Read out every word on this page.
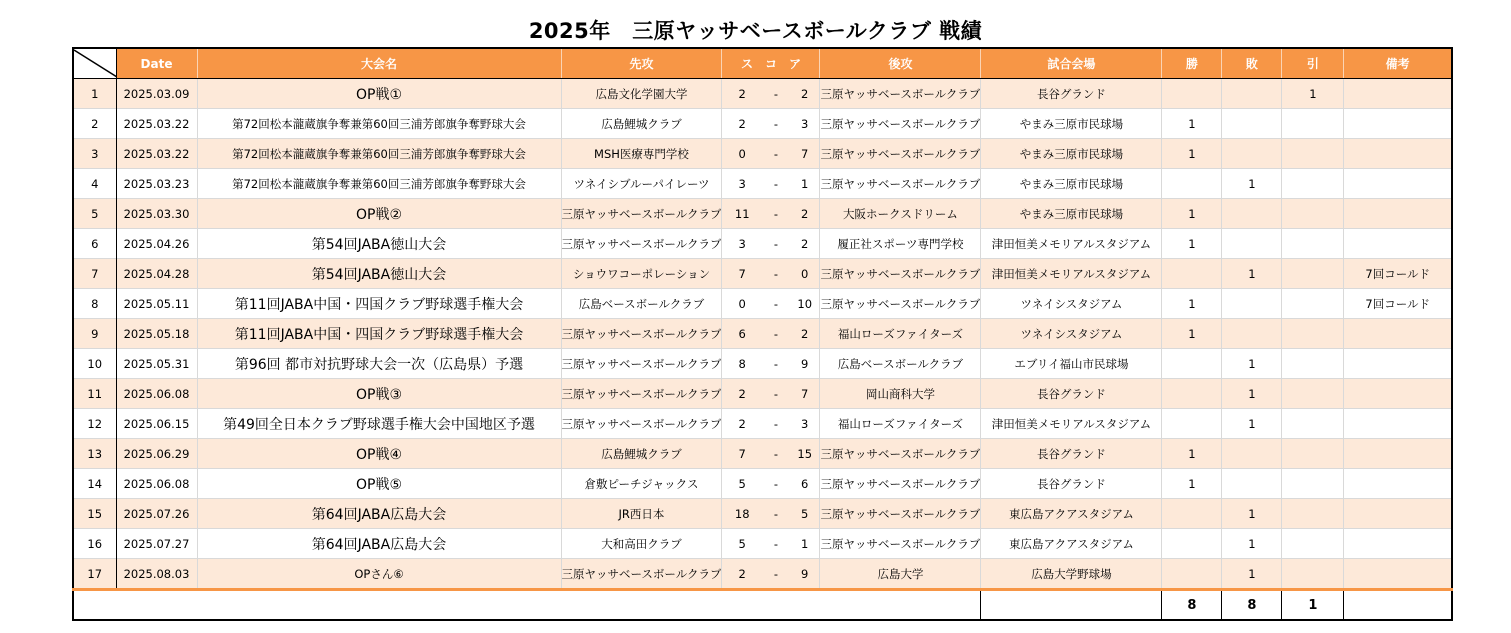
2025年　三原ヤッサベースボールクラブ 戦績
	Date	大会名	先攻	ス　コ　ア			後攻	試合会場	勝	敗	引	備考
1	2025.03.09	OP戦①	広島文化学園大学	2	-	2	三原ヤッサベースボールクラブ	長谷グランド			1	
2	2025.03.22	第72回松本瀧蔵旗争奪兼第60回三浦芳郎旗争奪野球大会	広島鯉城クラブ	2	-	3	三原ヤッサベースボールクラブ	やまみ三原市民球場	1			
3	2025.03.22	第72回松本瀧蔵旗争奪兼第60回三浦芳郎旗争奪野球大会	MSH医療専門学校	0	-	7	三原ヤッサベースボールクラブ	やまみ三原市民球場	1			
4	2025.03.23	第72回松本瀧蔵旗争奪兼第60回三浦芳郎旗争奪野球大会	ツネイシブルーパイレーツ	3	-	1	三原ヤッサベースボールクラブ	やまみ三原市民球場		1		
5	2025.03.30	OP戦②	三原ヤッサベースボールクラブ	11	-	2	大阪ホークスドリーム	やまみ三原市民球場	1			
6	2025.04.26	第54回JABA徳山大会	三原ヤッサベースボールクラブ	3	-	2	履正社スポーツ専門学校	津田恒美メモリアルスタジアム	1			
7	2025.04.28	第54回JABA徳山大会	ショウワコーポレーション	7	-	0	三原ヤッサベースボールクラブ	津田恒美メモリアルスタジアム		1		7回コールド
8	2025.05.11	第11回JABA中国・四国クラブ野球選手権大会	広島ベースボールクラブ	0	-	10	三原ヤッサベースボールクラブ	ツネイシスタジアム	1			7回コールド
9	2025.05.18	第11回JABA中国・四国クラブ野球選手権大会	三原ヤッサベースボールクラブ	6	-	2	福山ローズファイターズ	ツネイシスタジアム	1			
10	2025.05.31	第96回 都市対抗野球大会一次（広島県）予選	三原ヤッサベースボールクラブ	8	-	9	広島ベースボールクラブ	エブリイ福山市民球場		1		
11	2025.06.08	OP戦③	三原ヤッサベースボールクラブ	2	-	7	岡山商科大学	長谷グランド		1		
12	2025.06.15	第49回全日本クラブ野球選手権大会中国地区予選	三原ヤッサベースボールクラブ	2	-	3	福山ローズファイターズ	津田恒美メモリアルスタジアム		1		
13	2025.06.29	OP戦④	広島鯉城クラブ	7	-	15	三原ヤッサベースボールクラブ	長谷グランド	1			
14	2025.06.08	OP戦⑤	倉敷ピーチジャックス	5	-	6	三原ヤッサベースボールクラブ	長谷グランド	1			
15	2025.07.26	第64回JABA広島大会	JR西日本	18	-	5	三原ヤッサベースボールクラブ	東広島アクアスタジアム		1		
16	2025.07.27	第64回JABA広島大会	大和高田クラブ	5	-	1	三原ヤッサベースボールクラブ	東広島アクアスタジアム		1		
17	2025.08.03	OPさん⑥	三原ヤッサベースボールクラブ	2	-	9	広島大学	広島大学野球場		1		
									8	8	1	
